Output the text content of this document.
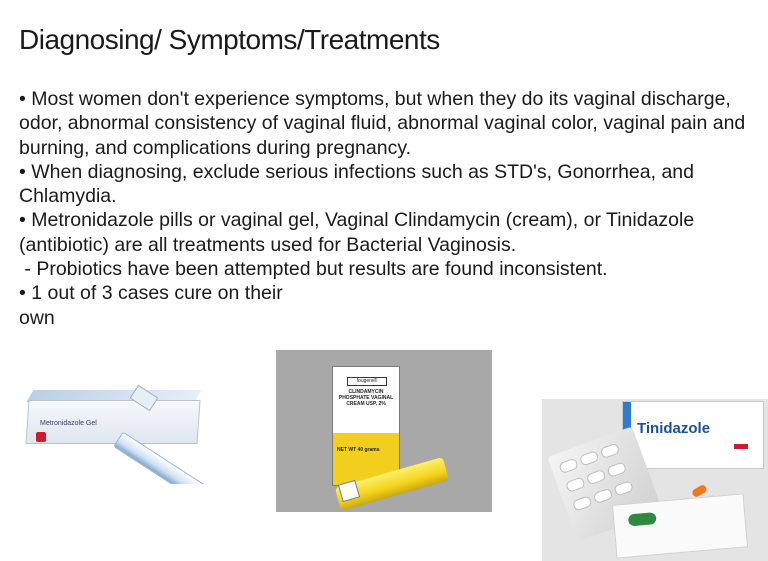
Diagnosing/ Symptoms/Treatments

• Most women don't experience symptoms, but when they do its vaginal discharge, odor, abnormal consistency of vaginal fluid, abnormal vaginal color, vaginal pain and burning, and complications during pregnancy.

• When diagnosing, exclude serious infections such as STD's, Gonorrhea, and Chlamydia.

• Metronidazole pills or vaginal gel, Vaginal Clindamycin (cream), or Tinidazole (antibiotic) are all treatments used for Bacterial Vaginosis.

- Probiotics have been attempted but results are found inconsistent.

• 1 out of 3 cases cure on their own

Metronidazole Gel
fougera®
CLINDAMYCIN PHOSPHATE VAGINAL CREAM USP, 2%
NET WT 40 grams
Tinidazole
